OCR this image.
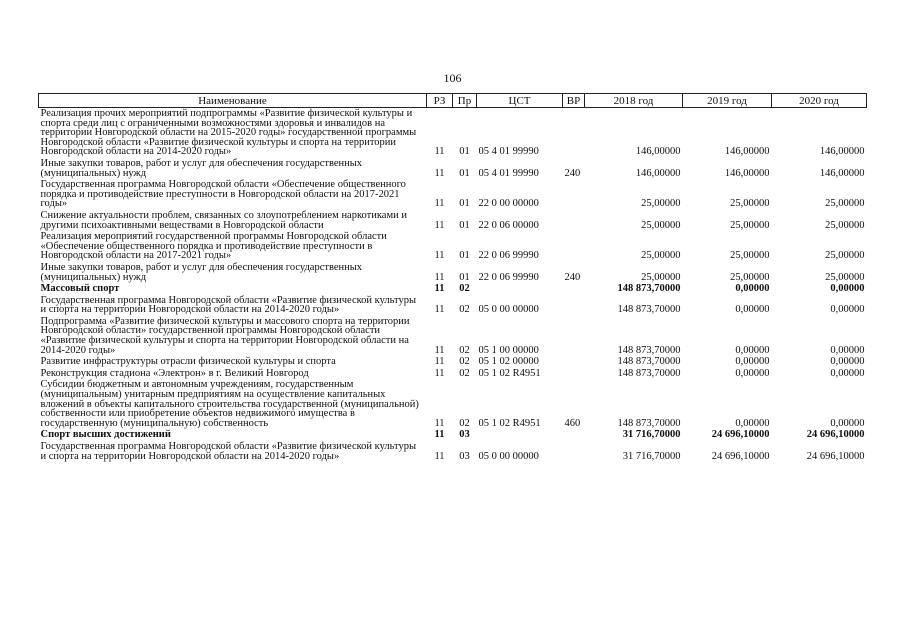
106
Наименование	РЗ	Пр	ЦСТ	ВР	2018 год	2019 год	2020 год
Реализация прочих мероприятий подпрограммы «Развитие физической культуры и спорта среди лиц с ограниченными возможностями здоровья и инвалидов на территории Новгородской области на 2015-2020 годы» государственной программы Новгородской области «Развитие физической культуры и спорта на территории Новгородской области на 2014-2020 годы»	11	01	05 4 01 99990		146,00000	146,00000	146,00000
Иные закупки товаров, работ и услуг для обеспечения государственных (муниципальных) нужд	11	01	05 4 01 99990	240	146,00000	146,00000	146,00000
Государственная программа Новгородской области «Обеспечение общественного порядка и противодействие преступности в Новгородской области на 2017-2021 годы»	11	01	22 0 00 00000		25,00000	25,00000	25,00000
Снижение актуальности проблем, связанных со злоупотреблением наркотиками и другими психоактивными веществами в Новгородской области	11	01	22 0 06 00000		25,00000	25,00000	25,00000
Реализация мероприятий государственной программы Новгородской области «Обеспечение общественного порядка и противодействие преступности в Новгородской области на 2017-2021 годы»	11	01	22 0 06 99990		25,00000	25,00000	25,00000
Иные закупки товаров, работ и услуг для обеспечения государственных (муниципальных) нужд	11	01	22 0 06 99990	240	25,00000	25,00000	25,00000
Массовый спорт	11	02			148 873,70000	0,00000	0,00000
Государственная программа Новгородской области «Развитие физической культуры и спорта на территории Новгородской области на 2014-2020 годы»	11	02	05 0 00 00000		148 873,70000	0,00000	0,00000
Подпрограмма «Развитие физической культуры и массового спорта на территории Новгородской области» государственной программы Новгородской области «Развитие физической культуры и спорта на территории Новгородской области на 2014-2020 годы»	11	02	05 1 00 00000		148 873,70000	0,00000	0,00000
Развитие инфраструктуры отрасли физической культуры и спорта	11	02	05 1 02 00000		148 873,70000	0,00000	0,00000
Реконструкция стадиона «Электрон» в г. Великий Новгород	11	02	05 1 02 R4951		148 873,70000	0,00000	0,00000
Субсидии бюджетным и автономным учреждениям, государственным (муниципальным) унитарным предприятиям на осуществление капитальных вложений в объекты капитального строительства государственной (муниципальной) собственности или приобретение объектов недвижимого имущества в государственную (муниципальную) собственность	11	02	05 1 02 R4951	460	148 873,70000	0,00000	0,00000
Спорт высших достижений	11	03			31 716,70000	24 696,10000	24 696,10000
Государственная программа Новгородской области «Развитие физической культуры и спорта на территории Новгородской области на 2014-2020 годы»	11	03	05 0 00 00000		31 716,70000	24 696,10000	24 696,10000
